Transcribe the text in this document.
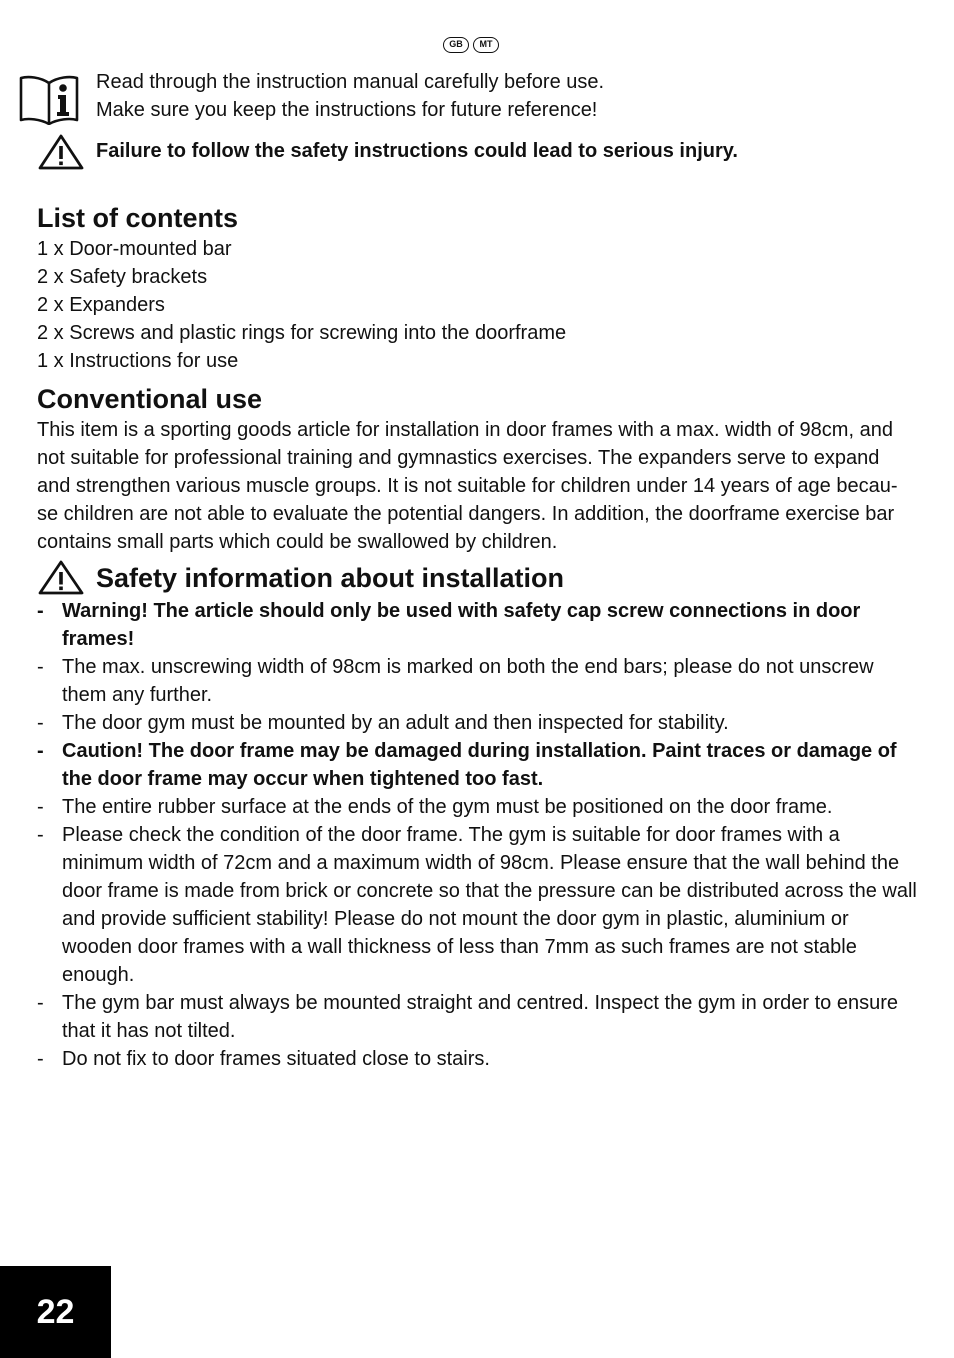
GB	MT
Read through the instruction manual carefully before use.
Make sure you keep the instructions for future reference!
Failure to follow the safety instructions could lead to serious injury.
List of contents
1 x Door-mounted bar
2 x Safety brackets
2 x Expanders
2 x Screws and plastic rings for screwing into the doorframe
1 x Instructions for use
Conventional use

This item is a sporting goods article for installation in door frames with a max. width of 98cm, and not suitable for professional training and gymnastics exercises. The expanders serve to expand and strengthen various muscle groups. It is not suitable for children under 14 years of age becau-se children are not able to evaluate the potential dangers. In addition, the doorframe exercise bar contains small parts which could be swallowed by children.

Safety information about installation
- Warning! The article should only be used with safety cap screw connections in door frames!
- The max. unscrewing width of 98cm is marked on both the end bars; please do not unscrew them any further.
- The door gym must be mounted by an adult and then inspected for stability.
- Caution! The door frame may be damaged during installation. Paint traces or damage of the door frame may occur when tightened too fast.
- The entire rubber surface at the ends of the gym must be positioned on the door frame.
- Please check the condition of the door frame. The gym is suitable for door frames with a minimum width of 72cm and a maximum width of 98cm. Please ensure that the wall behind the door frame is made from brick or concrete so that the pressure can be distributed across the wall and provide sufficient stability! Please do not mount the door gym in plastic, aluminium or wooden door frames with a wall thickness of less than 7mm as such frames are not stable enough.
- The gym bar must always be mounted straight and centred. Inspect the gym in order to ensure that it has not tilted.
- Do not fix to door frames situated close to stairs.
22
